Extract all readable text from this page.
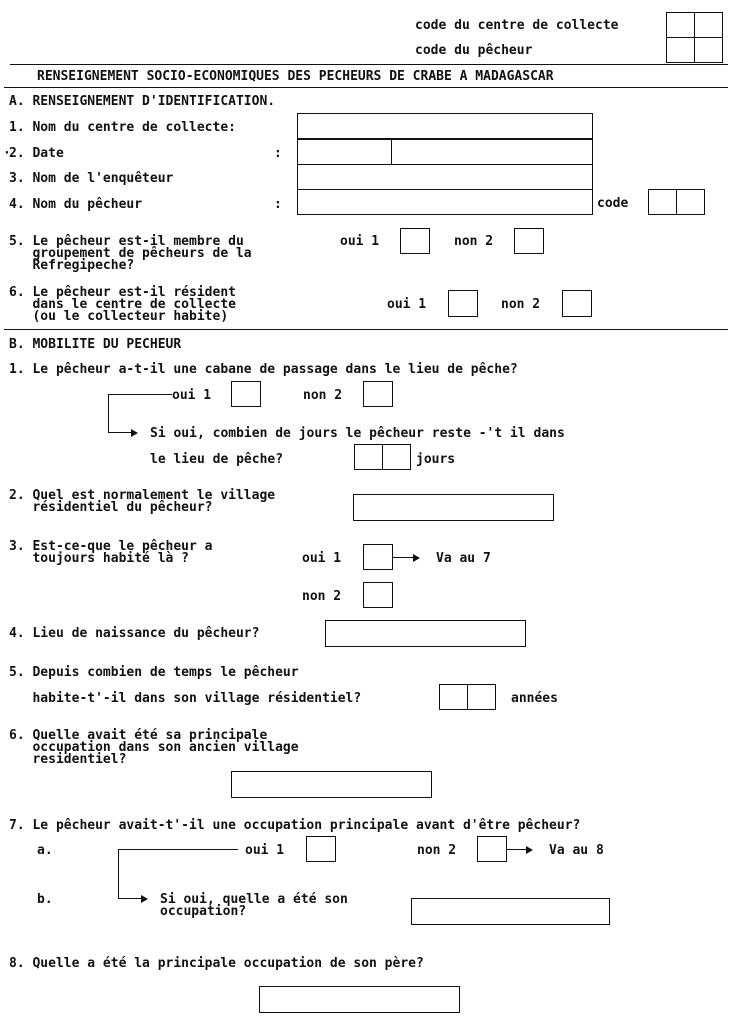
code du centre de collecte
code du pêcheur
RENSEIGNEMENT SOCIO-ECONOMIQUES DES PECHEURS DE CRABE A MADAGASCAR
A. RENSEIGNEMENT D'IDENTIFICATION.
1. Nom du centre de collecte:
·
2. Date	:
3. Nom de l'enquêteur
4. Nom du pêcheur	:	code
5. Le pêcheur est-il membre du
groupement de pêcheurs de la
Refregipeche?
oui 1	non 2
6. Le pêcheur est-il résident
dans le centre de collecte
(ou le collecteur habite)
oui 1	non 2
B. MOBILITE DU PECHEUR
1. Le pêcheur a-t-il une cabane de passage dans le lieu de pêche?
oui 1	non 2
Si oui, combien de jours le pêcheur reste -'t il dans
le lieu de pêche?	jours
2. Quel est normalement le village
résidentiel du pêcheur?
3. Est-ce-que le pêcheur a
toujours habité là ?	oui 1	Va au 7
non 2
4. Lieu de naissance du pêcheur?
5. Depuis combien de temps le pêcheur
habite-t'-il dans son village résidentiel?	années
6. Quelle avait été sa principale
occupation dans son ancien village
residentiel?
7. Le pêcheur avait-t'-il une occupation principale avant d'être pêcheur?
a.	oui 1	non 2	Va au 8
b.	Si oui, quelle a été son
occupation?
8. Quelle a été la principale occupation de son père?
